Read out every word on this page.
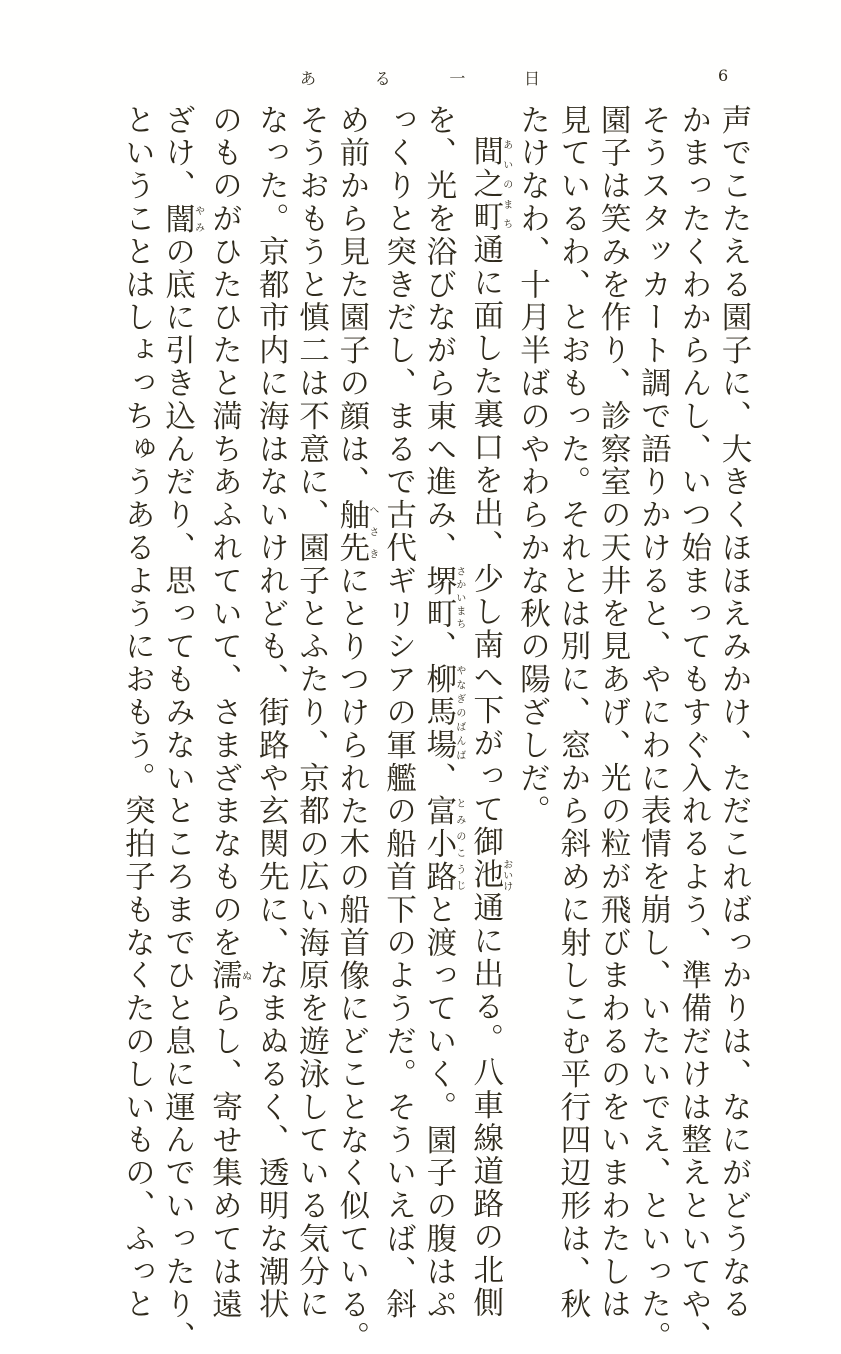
あ	る	一	日	6
声でこたえる園子に、大きくほほえみかけ、ただこればっかりは、なにがどうなる
かまったくわからんし、いつ始まってもすぐ入れるよう、準備だけは整えといてや、
そうスタッカート調で語りかけると、やにわに表情を崩し、いたいでえ、といった。
園子は笑みを作り、診察室の天井を見あげ、光の粒が飛びまわるのをいまわたしは
見ているわ、とおもった。それとは別に、窓から斜めに射しこむ平行四辺形は、秋
たけなわ、十月半ばのやわらかな秋の陽ざしだ。
間之町あいのまち通に面した裏口を出、少し南へ下がって御池おいけ通に出る。八車線道路の北側
を、光を浴びながら東へ進み、堺町さかいまち、柳馬場やなぎのばんば、富小路とみのこうじと渡っていく。園子の腹はぷ
っくりと突きだし、まるで古代ギリシアの軍艦の船首下のようだ。そういえば、斜
め前から見た園子の顔は、舳先へさきにとりつけられた木の船首像にどことなく似ている。
そうおもうと慎二は不意に、園子とふたり、京都の広い海原を遊泳している気分に
なった。京都市内に海はないけれども、街路や玄関先に、なまぬるく、透明な潮状
のものがひたひたと満ちあふれていて、さまざまなものを濡ぬらし、寄せ集めては遠
ざけ、闇やみの底に引き込んだり、思ってもみないところまでひと息に運んでいったり、
ということはしょっちゅうあるようにおもう。突拍子もなくたのしいもの、ふっと
